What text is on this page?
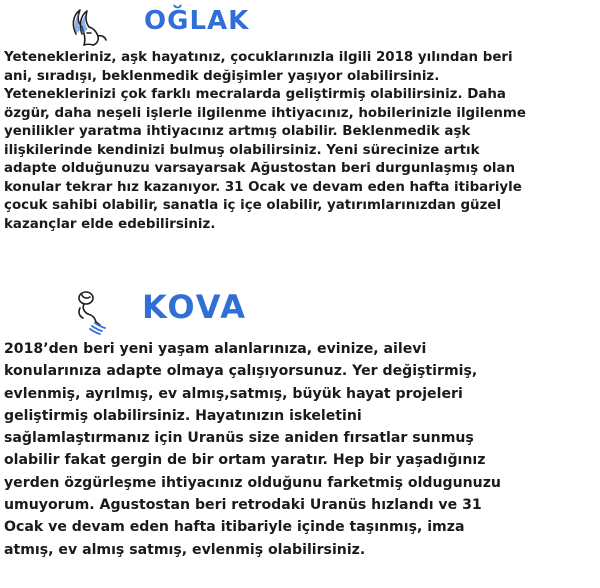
OĞLAK

Yetenekleriniz, aşk hayatınız, çocuklarınızla ilgili 2018 yılından beri
ani, sıradışı, beklenmedik değişimler yaşıyor olabilirsiniz.
Yeteneklerinizi çok farklı mecralarda geliştirmiş olabilirsiniz. Daha
özgür, daha neşeli işlerle ilgilenme ihtiyacınız, hobilerinizle ilgilenme
yenilikler yaratma ihtiyacınız artmış olabilir. Beklenmedik aşk
ilişkilerinde kendinizi bulmuş olabilirsiniz. Yeni sürecinize artık
adapte olduğunuzu varsayarsak Ağustostan beri durgunlaşmış olan
konular tekrar hız kazanıyor. 31 Ocak ve devam eden hafta itibariyle
çocuk sahibi olabilir, sanatla iç içe olabilir, yatırımlarınızdan güzel
kazançlar elde edebilirsiniz.

KOVA

2018’den beri yeni yaşam alanlarınıza, evinize, ailevi
konularınıza adapte olmaya çalışıyorsunuz. Yer değiştirmiş,
evlenmiş, ayrılmış, ev almış,satmış, büyük hayat projeleri
geliştirmiş olabilirsiniz. Hayatınızın iskeletini
sağlamlaştırmanız için Uranüs size aniden fırsatlar sunmuş
olabilir fakat gergin de bir ortam yaratır. Hep bir yaşadığınız
yerden özgürleşme ihtiyacınız olduğunu farketmiş oldugunuzu
umuyorum. Agustostan beri retrodaki Uranüs hızlandı ve 31
Ocak ve devam eden hafta itibariyle içinde taşınmış, imza
atmış, ev almış satmış, evlenmiş olabilirsiniz.
